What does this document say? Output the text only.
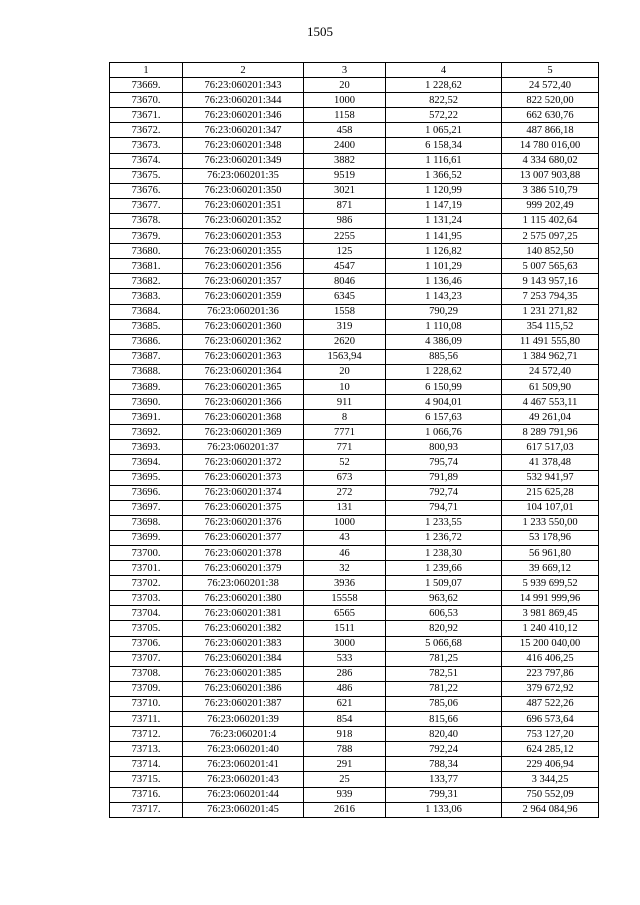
1505
1	2	3	4	5
73669.	76:23:060201:343	20	1 228,62	24 572,40
73670.	76:23:060201:344	1000	822,52	822 520,00
73671.	76:23:060201:346	1158	572,22	662 630,76
73672.	76:23:060201:347	458	1 065,21	487 866,18
73673.	76:23:060201:348	2400	6 158,34	14 780 016,00
73674.	76:23:060201:349	3882	1 116,61	4 334 680,02
73675.	76:23:060201:35	9519	1 366,52	13 007 903,88
73676.	76:23:060201:350	3021	1 120,99	3 386 510,79
73677.	76:23:060201:351	871	1 147,19	999 202,49
73678.	76:23:060201:352	986	1 131,24	1 115 402,64
73679.	76:23:060201:353	2255	1 141,95	2 575 097,25
73680.	76:23:060201:355	125	1 126,82	140 852,50
73681.	76:23:060201:356	4547	1 101,29	5 007 565,63
73682.	76:23:060201:357	8046	1 136,46	9 143 957,16
73683.	76:23:060201:359	6345	1 143,23	7 253 794,35
73684.	76:23:060201:36	1558	790,29	1 231 271,82
73685.	76:23:060201:360	319	1 110,08	354 115,52
73686.	76:23:060201:362	2620	4 386,09	11 491 555,80
73687.	76:23:060201:363	1563,94	885,56	1 384 962,71
73688.	76:23:060201:364	20	1 228,62	24 572,40
73689.	76:23:060201:365	10	6 150,99	61 509,90
73690.	76:23:060201:366	911	4 904,01	4 467 553,11
73691.	76:23:060201:368	8	6 157,63	49 261,04
73692.	76:23:060201:369	7771	1 066,76	8 289 791,96
73693.	76:23:060201:37	771	800,93	617 517,03
73694.	76:23:060201:372	52	795,74	41 378,48
73695.	76:23:060201:373	673	791,89	532 941,97
73696.	76:23:060201:374	272	792,74	215 625,28
73697.	76:23:060201:375	131	794,71	104 107,01
73698.	76:23:060201:376	1000	1 233,55	1 233 550,00
73699.	76:23:060201:377	43	1 236,72	53 178,96
73700.	76:23:060201:378	46	1 238,30	56 961,80
73701.	76:23:060201:379	32	1 239,66	39 669,12
73702.	76:23:060201:38	3936	1 509,07	5 939 699,52
73703.	76:23:060201:380	15558	963,62	14 991 999,96
73704.	76:23:060201:381	6565	606,53	3 981 869,45
73705.	76:23:060201:382	1511	820,92	1 240 410,12
73706.	76:23:060201:383	3000	5 066,68	15 200 040,00
73707.	76:23:060201:384	533	781,25	416 406,25
73708.	76:23:060201:385	286	782,51	223 797,86
73709.	76:23:060201:386	486	781,22	379 672,92
73710.	76:23:060201:387	621	785,06	487 522,26
73711.	76:23:060201:39	854	815,66	696 573,64
73712.	76:23:060201:4	918	820,40	753 127,20
73713.	76:23:060201:40	788	792,24	624 285,12
73714.	76:23:060201:41	291	788,34	229 406,94
73715.	76:23:060201:43	25	133,77	3 344,25
73716.	76:23:060201:44	939	799,31	750 552,09
73717.	76:23:060201:45	2616	1 133,06	2 964 084,96
